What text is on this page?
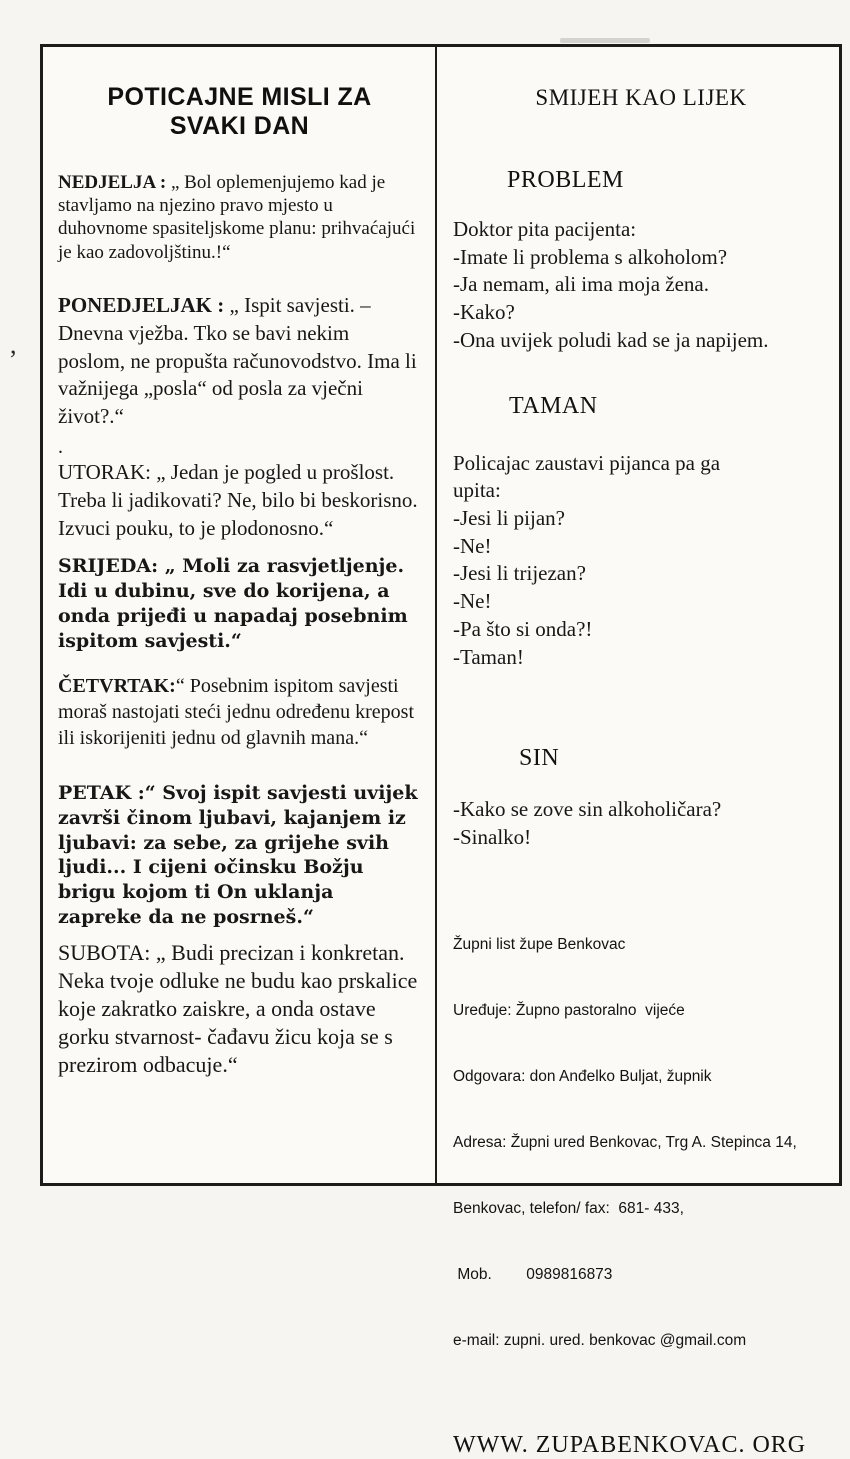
,
POTICAJNE MISLI ZA
SVAKI DAN

NEDJELJA : „ Bol oplemenjujemo kad je stavljamo na njezino pravo mjesto u duhovnome spasiteljskome planu: prihvaćajući je kao zadovoljštinu.!“

PONEDJELJAK : „ Ispit savjesti. – Dnevna vježba. Tko se bavi nekim poslom, ne propušta računovodstvo. Ima li važnijega „posla“ od posla za vječni život?.“

.

UTORAK: „ Jedan je pogled u prošlost. Treba li jadikovati? Ne, bilo bi beskorisno. Izvuci pouku, to je plodonosno.“

SRIJEDA: „ Moli za rasvjetljenje. Idi u dubinu, sve do korijena, a onda prijeđi u napadaj posebnim ispitom savjesti.“

ČETVRTAK:“ Posebnim ispitom savjesti moraš nastojati steći jednu određenu krepost ili iskorijeniti jednu od glavnih mana.“

PETAK :“ Svoj ispit savjesti uvijek završi činom ljubavi, kajanjem iz ljubavi: za sebe, za grijehe svih ljudi... I cijeni očinsku Božju brigu kojom ti On uklanja zapreke da ne posrneš.“

SUBOTA: „ Budi precizan i konkretan. Neka tvoje odluke ne budu kao prskalice koje zakratko zaiskre, a onda ostave gorku stvarnost- čađavu žicu koja se s prezirom odbacuje.“

SMIJEH KAO LIJEK
PROBLEM
Doktor pita pacijenta:
-Imate li problema s alkoholom?
-Ja nemam, ali ima moja žena.
-Kako?
-Ona uvijek poludi kad se ja napijem.
TAMAN
Policajac zaustavi pijanca pa ga
upita:
-Jesi li pijan?
-Ne!
-Jesi li trijezan?
-Ne!
-Pa što si onda?!
-Taman!
SIN
-Kako se zove sin alkoholičara?
-Sinalko!

Župni list župe Benkovac

Uređuje: Župno pastoralno  vijeće

Odgovara: don Anđelko Buljat, župnik

Adresa: Župni ured Benkovac, Trg A. Stepinca 14,

Benkovac, telefon/ fax:  681- 433,

Mob.        0989816873

e-mail: zupni. ured. benkovac @gmail.com

WWW. ZUPABENKOVAC. ORG
